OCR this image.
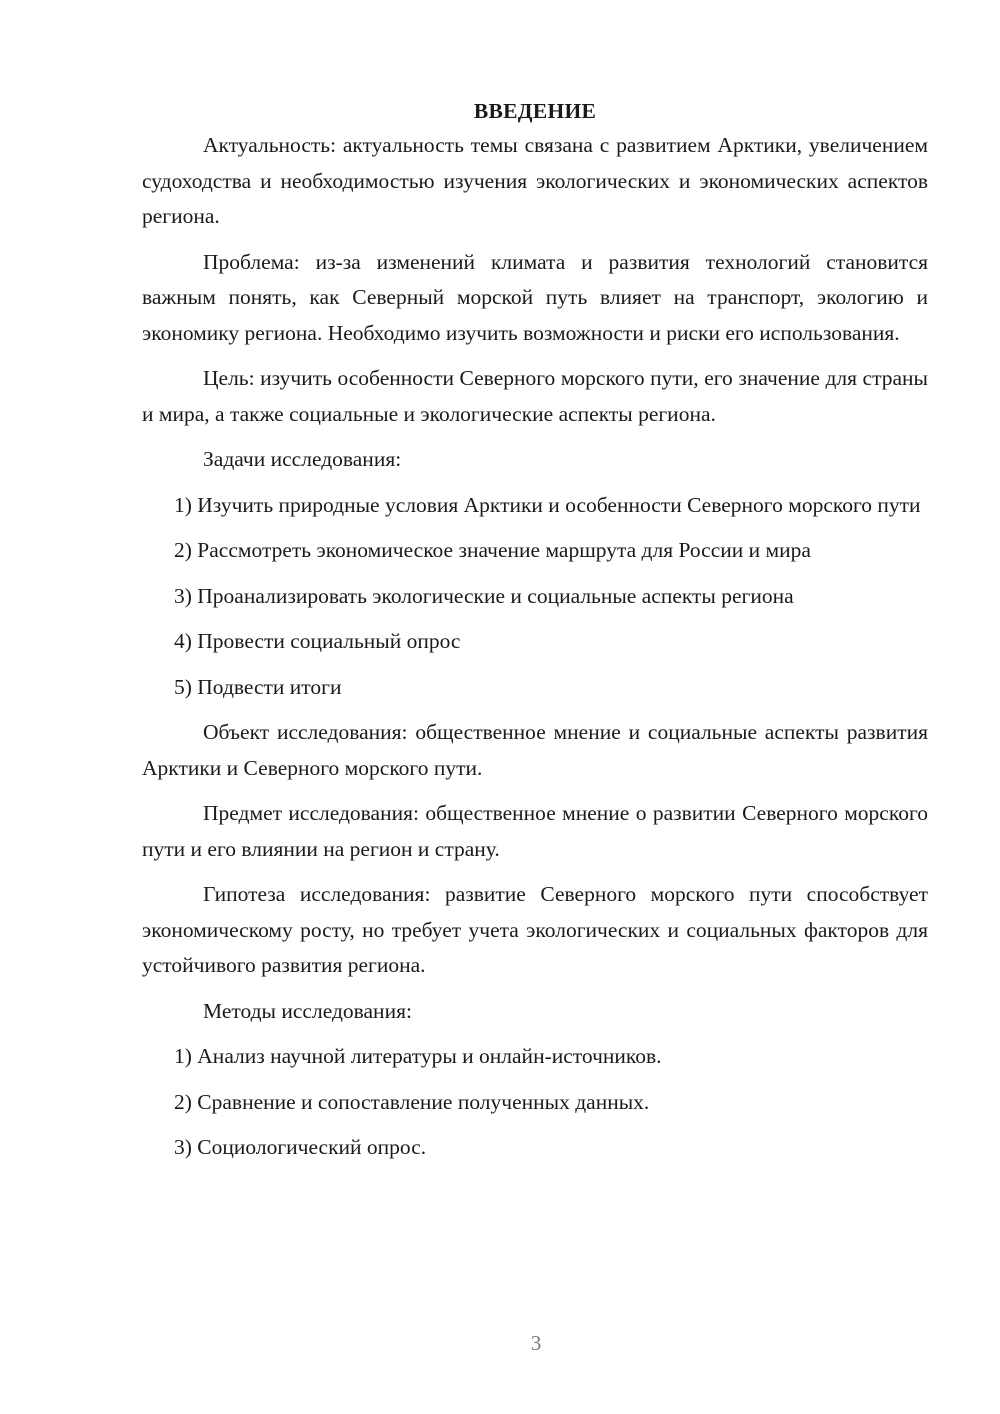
ВВЕДЕНИЕ

Актуальность: актуальность темы связана с развитием Арктики, увеличением судоходства и необходимостью изучения экологических и экономических аспектов региона.

Проблема: из-за изменений климата и развития технологий становится важным понять, как Северный морской путь влияет на транспорт, экологию и экономику региона. Необходимо изучить возможности и риски его использования.

Цель: изучить особенности Северного морского пути, его значение для страны и мира, а также социальные и экологические аспекты региона.

Задачи исследования:

1) Изучить природные условия Арктики и особенности Северного морского пути

2) Рассмотреть экономическое значение маршрута для России и мира

3) Проанализировать экологические и социальные аспекты региона

4) Провести социальный опрос

5) Подвести итоги

Объект исследования: общественное мнение и социальные аспекты развития Арктики и Северного морского пути.

Предмет исследования: общественное мнение о развитии Северного морского пути и его влиянии на регион и страну.

Гипотеза исследования: развитие Северного морского пути способствует экономическому росту, но требует учета экологических и социальных факторов для устойчивого развития региона.

Методы исследования:

1) Анализ научной литературы и онлайн-источников.

2) Сравнение и сопоставление полученных данных.

3) Социологический опрос.

3
